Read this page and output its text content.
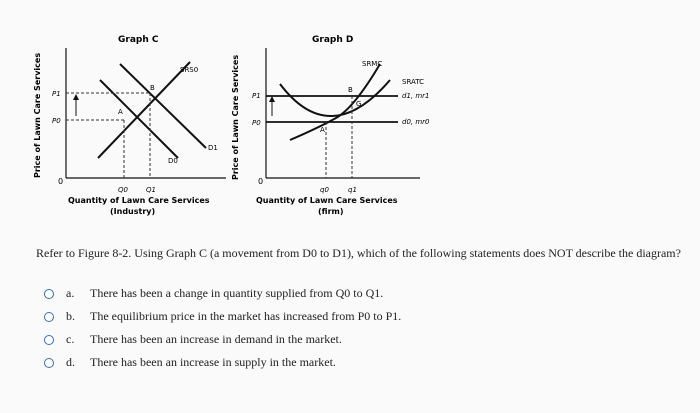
Graph C
Price of Lawn Care Services
0
SRS0
D0
D1
A
B
P1
P0
Q0	Q1
Quantity of Lawn Care Services
(Industry)
Graph D
Price of Lawn Care Services
0
SRMC
SRATC
d1, mr1
d0, mr0
A
B
G
P1
P0
q0	q1
Quantity of Lawn Care Services
(firm)
Refer to Figure 8-2. Using Graph C (a movement from D0 to D1), which of the following statements does NOT describe the diagram?
a.	There has been a change in quantity supplied from Q0 to Q1.
b.	The equilibrium price in the market has increased from P0 to P1.
c.	There has been an increase in demand in the market.
d.	There has been an increase in supply in the market.
